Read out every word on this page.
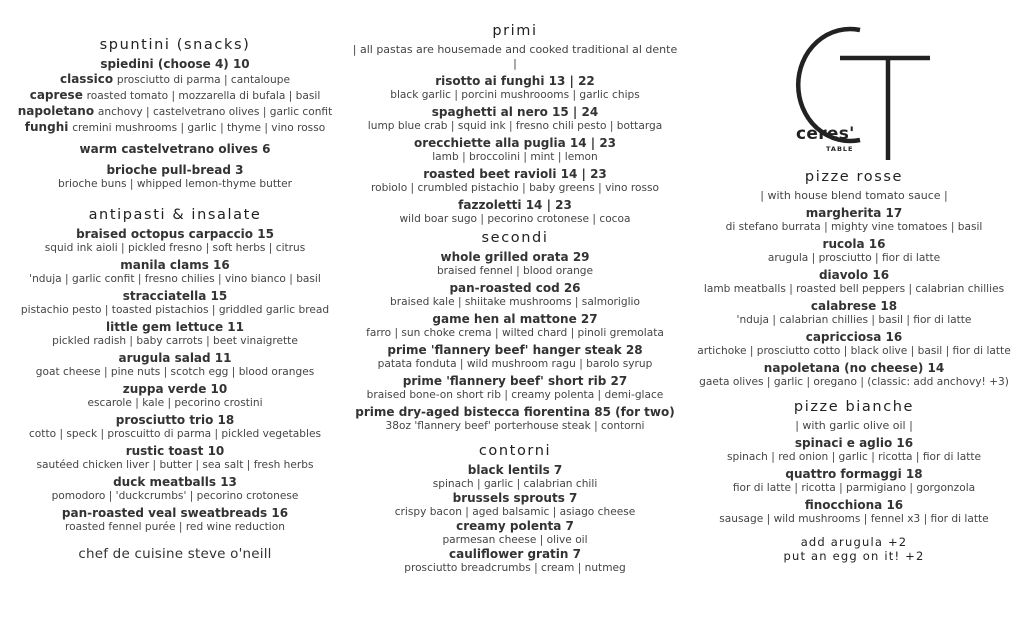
ceres'
TABLE
spuntini (snacks)
spiedini (choose 4) 10
classico prosciutto di parma | cantaloupe
caprese roasted tomato | mozzarella di bufala | basil
napoletano anchovy | castelvetrano olives | garlic confit
funghi cremini mushrooms | garlic | thyme | vino rosso
warm castelvetrano olives 6
brioche pull-bread 3
brioche buns | whipped lemon-thyme butter
antipasti & insalate
braised octopus carpaccio 15
squid ink aioli | pickled fresno | soft herbs | citrus
manila clams 16
'nduja | garlic confit | fresno chilies | vino bianco | basil
stracciatella 15
pistachio pesto | toasted pistachios | griddled garlic bread
little gem lettuce 11
pickled radish | baby carrots | beet vinaigrette
arugula salad 11
goat cheese | pine nuts | scotch egg | blood oranges
zuppa verde 10
escarole | kale | pecorino crostini
prosciutto trio 18
cotto | speck | proscuitto di parma | pickled vegetables
rustic toast 10
sautéed chicken liver | butter | sea salt | fresh herbs
duck meatballs 13
pomodoro | 'duckcrumbs' | pecorino crotonese
pan-roasted veal sweatbreads 16
roasted fennel purée | red wine reduction
chef de cuisine steve o'neill
primi
| all pastas are housemade and cooked traditional al dente |
risotto ai funghi 13 | 22
black garlic | porcini mushroooms | garlic chips
spaghetti al nero 15 | 24
lump blue crab | squid ink | fresno chili pesto | bottarga
orecchiette alla puglia 14 | 23
lamb | broccolini | mint | lemon
roasted beet ravioli 14 | 23
robiolo | crumbled pistachio | baby greens | vino rosso
fazzoletti 14 | 23
wild boar sugo | pecorino crotonese | cocoa
secondi
whole grilled orata 29
braised fennel | blood orange
pan-roasted cod 26
braised kale | shiitake mushrooms | salmoriglio
game hen al mattone 27
farro | sun choke crema | wilted chard | pinoli gremolata
prime 'flannery beef' hanger steak 28
patata fonduta | wild mushroom ragu | barolo syrup
prime 'flannery beef' short rib 27
braised bone-on short rib | creamy polenta | demi-glace
prime dry-aged bistecca fiorentina 85 (for two)
38oz 'flannery beef' porterhouse steak | contorni
contorni
black lentils 7
spinach | garlic | calabrian chili
brussels sprouts 7
crispy bacon | aged balsamic | asiago cheese
creamy polenta 7
parmesan cheese | olive oil
cauliflower gratin 7
prosciutto breadcrumbs | cream | nutmeg
pizze rosse
| with house blend tomato sauce |
margherita 17
di stefano burrata | mighty vine tomatoes | basil
rucola 16
arugula | prosciutto | fior di latte
diavolo 16
lamb meatballs | roasted bell peppers | calabrian chillies
calabrese 18
'nduja | calabrian chillies | basil | fior di latte
capricciosa 16
artichoke | prosciutto cotto | black olive | basil | fior di latte
napoletana (no cheese) 14
gaeta olives | garlic | oregano | (classic: add anchovy! +3)
pizze bianche
| with garlic olive oil |
spinaci e aglio 16
spinach | red onion | garlic | ricotta | fior di latte
quattro formaggi 18
fior di latte | ricotta | parmigiano | gorgonzola
finocchiona 16
sausage | wild mushrooms | fennel x3 | fior di latte
add arugula +2
put an egg on it! +2
